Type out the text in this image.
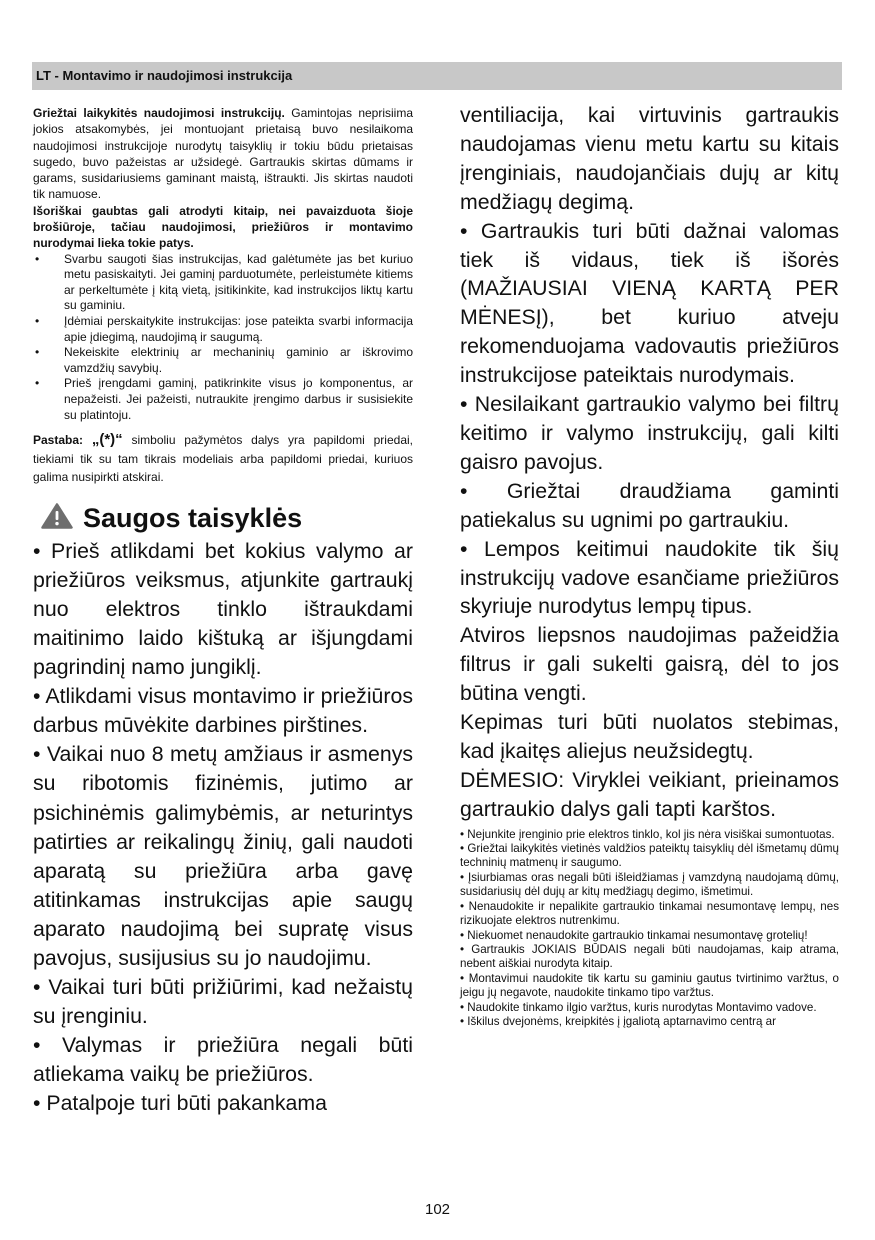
LT - Montavimo ir naudojimosi instrukcija

Griežtai laikykitės naudojimosi instrukcijų. Gamintojas neprisiima jokios atsakomybės, jei montuojant prietaisą buvo nesilaikoma naudojimosi instrukcijoje nurodytų taisyklių ir tokiu būdu prietaisas sugedo, buvo pažeistas ar užsidegė. Gartraukis skirtas dūmams ir garams, susidariusiems gaminant maistą, ištraukti. Jis skirtas naudoti tik namuose.

Išoriškai gaubtas gali atrodyti kitaip, nei pavaizduota šioje brošiūroje, tačiau naudojimosi, priežiūros ir montavimo nurodymai lieka tokie patys.

• Svarbu saugoti šias instrukcijas, kad galėtumėte jas bet kuriuo metu pasiskaityti. Jei gaminį parduotumėte, perleistumėte kitiems ar perkeltumėte į kitą vietą, įsitikinkite, kad instrukcijos liktų kartu su gaminiu.
• Įdėmiai perskaitykite instrukcijas: jose pateikta svarbi informacija apie įdiegimą, naudojimą ir saugumą.
• Nekeiskite elektrinių ar mechaninių gaminio ar iškrovimo vamzdžių savybių.
• Prieš įrengdami gaminį, patikrinkite visus jo komponentus, ar nepažeisti. Jei pažeisti, nutraukite įrengimo darbus ir susisiekite su platintoju.

Pastaba: „(*)“ simboliu pažymėtos dalys yra papildomi priedai, tiekiami tik su tam tikrais modeliais arba papildomi priedai, kuriuos galima nusipirkti atskirai.

Saugos taisyklės

• Prieš atlikdami bet kokius valymo ar priežiūros veiksmus, atjunkite gartraukį nuo elektros tinklo ištraukdami maitinimo laido kištuką ar išjungdami pagrindinį namo jungiklį.

• Atlikdami visus montavimo ir priežiūros darbus mūvėkite darbines pirštines.

• Vaikai nuo 8 metų amžiaus ir asmenys su ribotomis fizinėmis, jutimo ar psichinėmis galimybėmis, ar neturintys patirties ar reikalingų žinių, gali naudoti aparatą su priežiūra arba gavę atitinkamas instrukcijas apie saugų aparato naudojimą bei supratę visus pavojus, susijusius su jo naudojimu.

• Vaikai turi būti prižiūrimi, kad nežaistų su įrenginiu.

• Valymas ir priežiūra negali būti atliekama vaikų be priežiūros.

• Patalpoje turi būti pakankama

ventiliacija, kai virtuvinis gartraukis naudojamas vienu metu kartu su kitais įrenginiais, naudojančiais dujų ar kitų medžiagų degimą.

• Gartraukis turi būti dažnai valomas tiek iš vidaus, tiek iš išorės (MAŽIAUSIAI VIENĄ KARTĄ PER MĖNESĮ), bet kuriuo atveju rekomenduojama vadovautis priežiūros instrukcijose pateiktais nurodymais.

• Nesilaikant gartraukio valymo bei filtrų keitimo ir valymo instrukcijų, gali kilti gaisro pavojus.

• Griežtai draudžiama gaminti patiekalus su ugnimi po gartraukiu.

• Lempos keitimui naudokite tik šių instrukcijų vadove esančiame priežiūros skyriuje nurodytus lempų tipus.

Atviros liepsnos naudojimas pažeidžia filtrus ir gali sukelti gaisrą, dėl to jos būtina vengti.

Kepimas turi būti nuolatos stebimas, kad įkaitęs aliejus neužsidegtų.

DĖMESIO: Viryklei veikiant, prieinamos gartraukio dalys gali tapti karštos.

• Nejunkite įrenginio prie elektros tinklo, kol jis nėra visiškai sumontuotas.

• Griežtai laikykitės vietinės valdžios pateiktų taisyklių dėl išmetamų dūmų techninių matmenų ir saugumo.

• Įsiurbiamas oras negali būti išleidžiamas į vamzdyną naudojamą dūmų, susidariusių dėl dujų ar kitų medžiagų degimo, išmetimui.

• Nenaudokite ir nepalikite gartraukio tinkamai nesumontavę lempų, nes rizikuojate elektros nutrenkimu.

• Niekuomet nenaudokite gartraukio tinkamai nesumontavę grotelių!

• Gartraukis JOKIAIS BŪDAIS negali būti naudojamas, kaip atrama, nebent aiškiai nurodyta kitaip.

• Montavimui naudokite tik kartu su gaminiu gautus tvirtinimo varžtus, o jeigu jų negavote, naudokite tinkamo tipo varžtus.

• Naudokite tinkamo ilgio varžtus, kuris nurodytas Montavimo vadove.

• Iškilus dvejonėms, kreipkitės į įgaliotą aptarnavimo centrą ar

102
